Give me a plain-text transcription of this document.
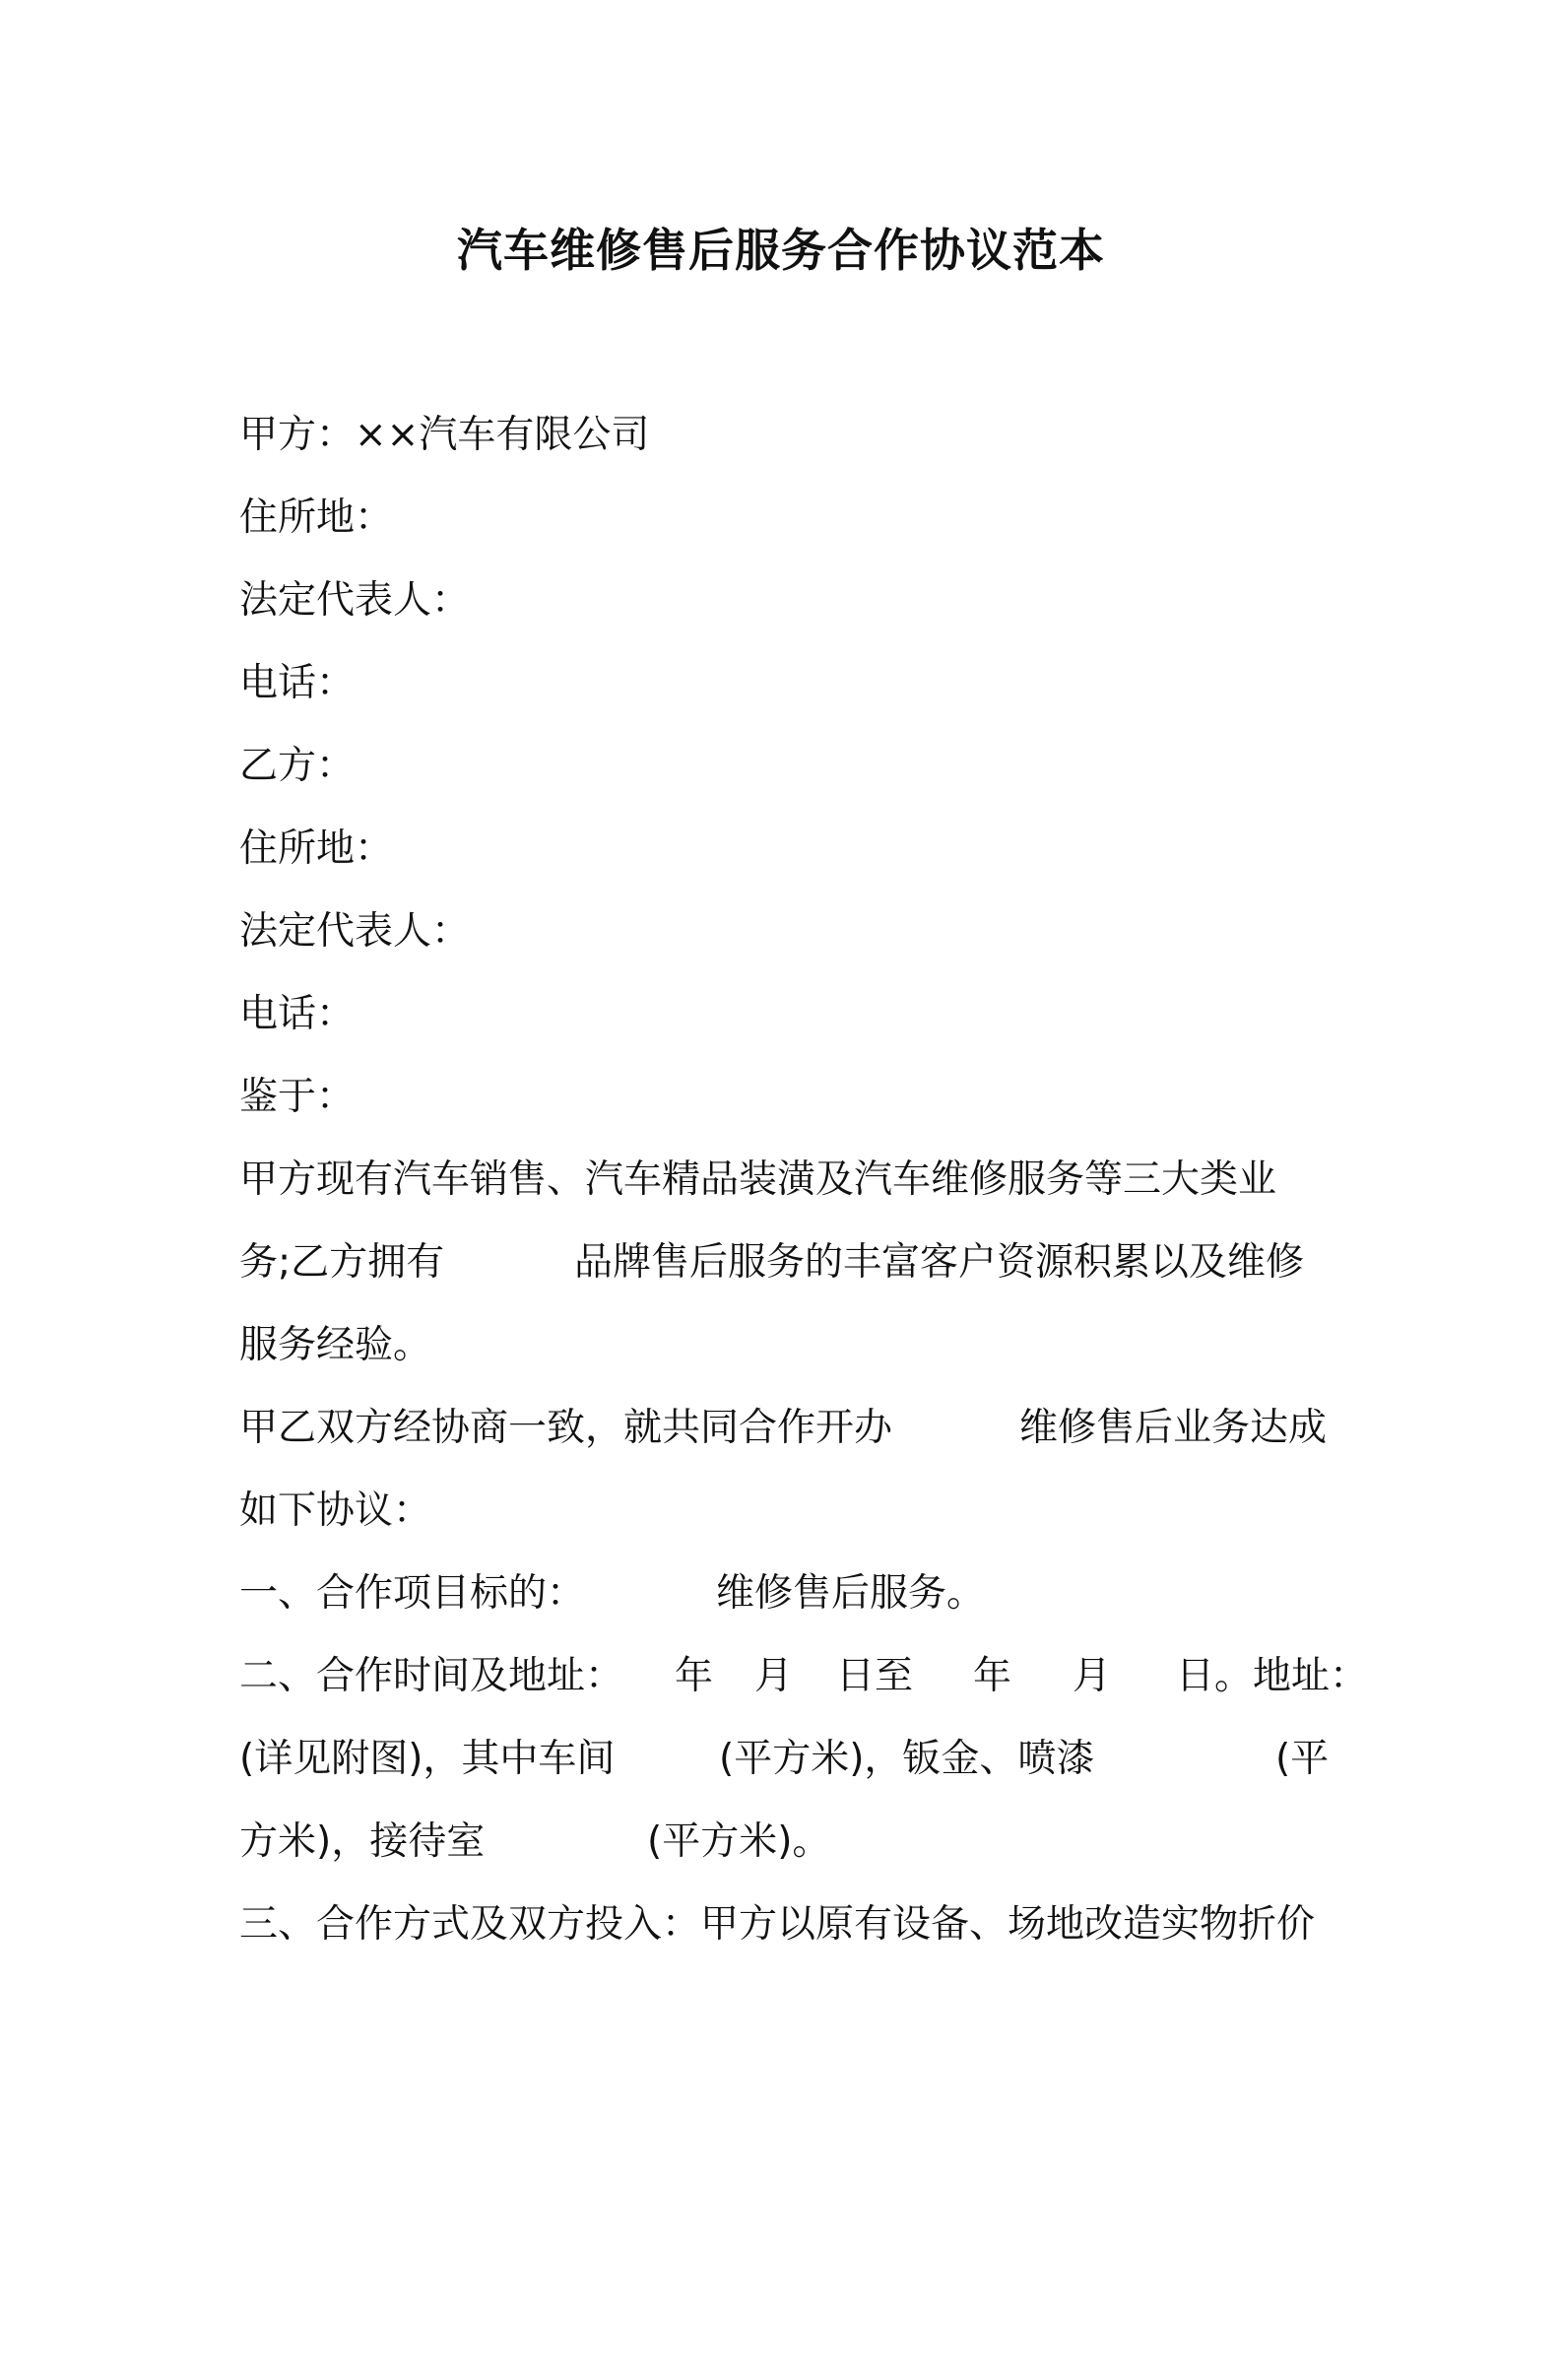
汽车维修售后服务合作协议范本
甲方：××汽车有限公司
住所地：
法定代表人：
电话：
乙方：
住所地：
法定代表人：
电话：
鉴于：
甲方现有汽车销售、汽车精品装潢及汽车维修服务等三大类业

务;乙方拥有

	品牌售后服务的丰富客户资源积累以及维修

服务经验。

甲乙双方经协商一致，就共同合作开办

	维修售后业务达成

如下协议：

一、合作项目标的：

	维修售后服务。

二、合作时间及地址：

年

月

日至

年

月

日。地址：

(详见附图)，其中车间

	(平方米)，钣金、喷漆

	(平

方米)，接待室

	(平方米)。

三、合作方式及双方投入：甲方以原有设备、场地改造实物折价
